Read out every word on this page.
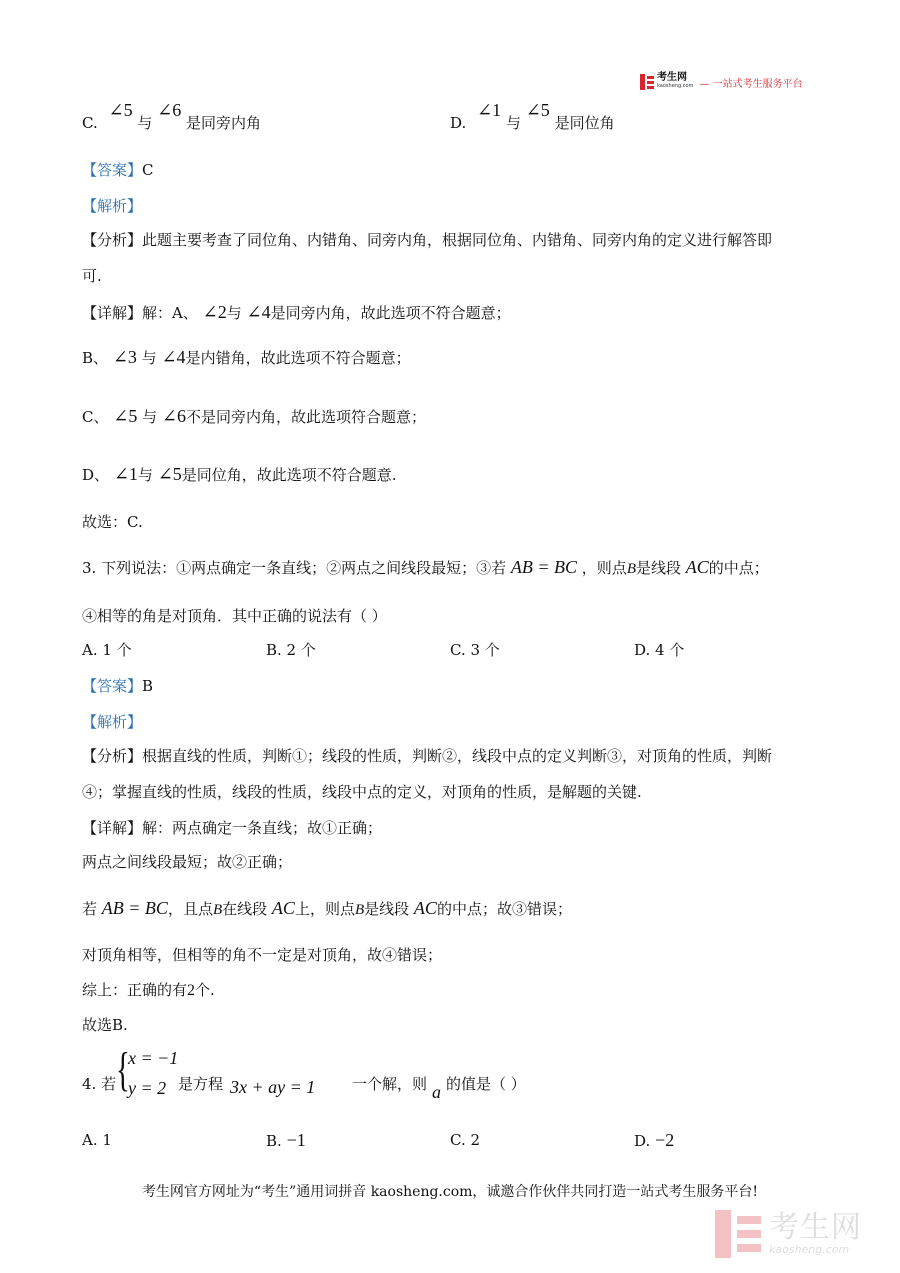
考生网
kaosheng.com — 一站式考生服务平台
C. ∠5 与 ∠6 是同旁内角	D. ∠1 与 ∠5 是同位角
【答案】C
【解析】
【分析】此题主要考查了同位角、内错角、同旁内角，根据同位角、内错角、同旁内角的定义进行解答即
可.
【详解】解：A、 ∠2与 ∠4是同旁内角，故此选项不符合题意；
B、 ∠3 与 ∠4是内错角，故此选项不符合题意；
C、 ∠5 与 ∠6不是同旁内角，故此选项符合题意；
D、 ∠1与 ∠5是同位角，故此选项不符合题意.
故选：C.
3. 下列说法：①两点确定一条直线；②两点之间线段最短；③若 AB = BC ，则点B是线段 AC的中点；
④相等的角是对顶角．其中正确的说法有（ ）
A. 1 个	B. 2 个	C. 3 个	D. 4 个
【答案】B
【解析】
【分析】根据直线的性质，判断①；线段的性质，判断②，线段中点的定义判断③，对顶角的性质，判断
④；掌握直线的性质，线段的性质，线段中点的定义，对顶角的性质，是解题的关键.
【详解】解：两点确定一条直线；故①正确；
两点之间线段最短；故②正确；
若 AB = BC，且点B在线段 AC上，则点B是线段 AC的中点；故③错误；
对顶角相等，但相等的角不一定是对顶角，故④错误；
综上：正确的有2个.
故选B.
4. 若 {
x = −1
y = 2 是方程 3x + ay = 1 一个解，则 a 的值是（ ）
A. 1	B. −1	C. 2	D. −2
考生网官方网址为“考生”通用词拼音 kaosheng.com，诚邀合作伙伴共同打造一站式考生服务平台!
考生网
kaosheng.com
